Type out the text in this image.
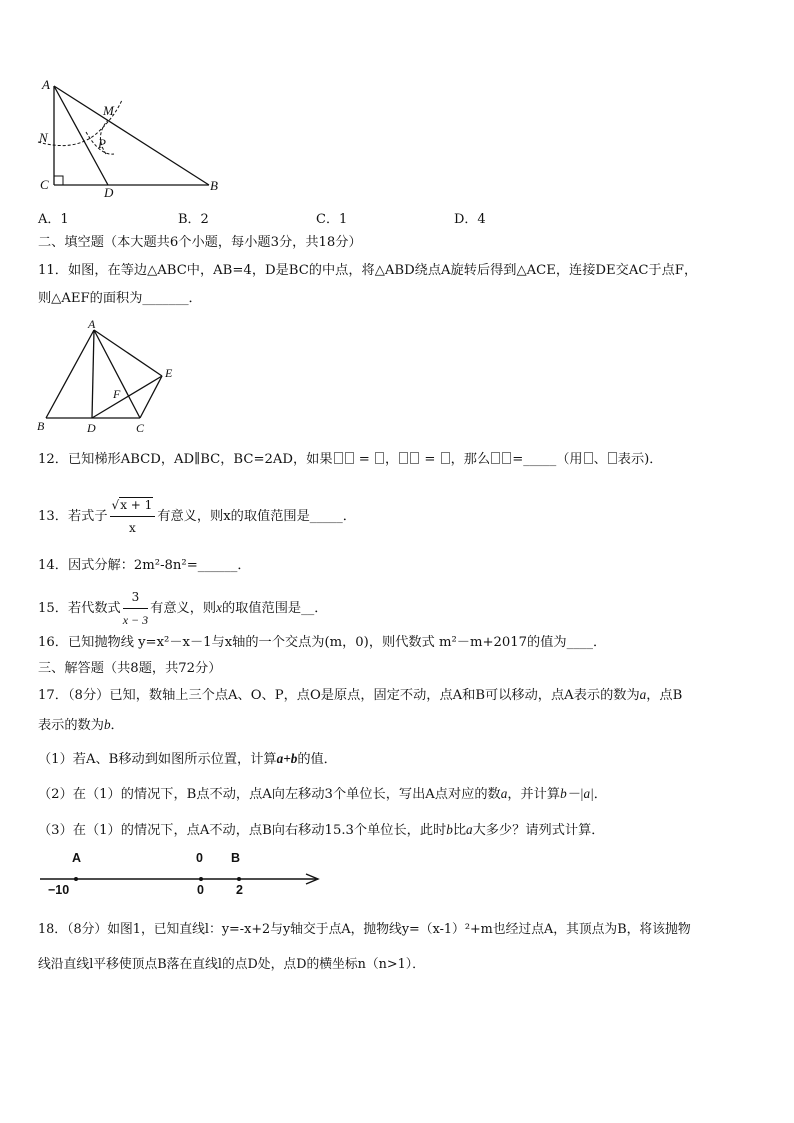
A
M
N	P
C
D	B
A．1	B．2	C．1	D．4
二、填空题（本大题共6个小题，每小题3分，共18分）
11．如图，在等边△ABC中，AB=4，D是BC的中点，将△ABD绕点A旋转后得到△ACE，连接DE交AC于点F，
则△AEF的面积为_______．
A
E
F
B	D	C
12．已知梯形ABCD，AD∥BC，BC=2AD，如果 = ， = ，那么 =_____（用 、 表示)．
13．若式子 $\frac{√x + 1}{x}$ 有意义，则x的取值范围是_____．
14．因式分解：2m²-8n²=______．
15．若代数式 $\frac{3}{x - 3}$ 有意义，则x的取值范围是__．
16．已知抛物线 y=x²－x－1与x轴的一个交点为(m，0)，则代数式 m²－m+2017的值为____．
三、解答题（共8题，共72分）
17．（8分）已知，数轴上三个点A、O、P，点O是原点，固定不动，点A和B可以移动，点A表示的数为a，点B
表示的数为b．
（1）若A、B移动到如图所示位置，计算a+b的值．
（2）在（1）的情况下，B点不动，点A向左移动3个单位长，写出A点对应的数a，并计算b－|a|．
（3）在（1）的情况下，点A不动，点B向右移动15.3个单位长，此时b比a大多少？请列式计算．
A	0 B
−10	0	2
18．（8分）如图1，已知直线l：y=-x+2与y轴交于点A，抛物线y=（x-1）²+m也经过点A，其顶点为B，将该抛物
线沿直线l平移使顶点B落在直线l的点D处，点D的横坐标n（n>1）．
